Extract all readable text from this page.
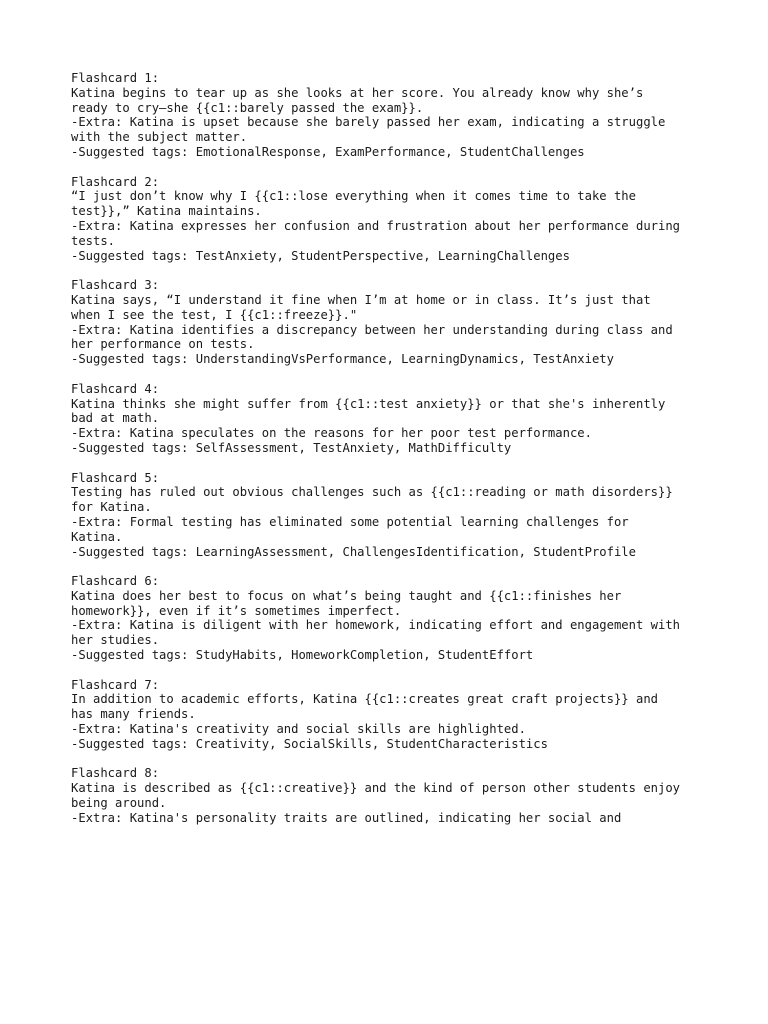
Flashcard 1:
Katina begins to tear up as she looks at her score. You already know why she’s
ready to cry—she {{c1::barely passed the exam}}.
-Extra: Katina is upset because she barely passed her exam, indicating a struggle
with the subject matter.
-Suggested tags: EmotionalResponse, ExamPerformance, StudentChallenges
Flashcard 2:
“I just don’t know why I {{c1::lose everything when it comes time to take the
test}},” Katina maintains.
-Extra: Katina expresses her confusion and frustration about her performance during
tests.
-Suggested tags: TestAnxiety, StudentPerspective, LearningChallenges
Flashcard 3:
Katina says, “I understand it fine when I’m at home or in class. It’s just that
when I see the test, I {{c1::freeze}}."
-Extra: Katina identifies a discrepancy between her understanding during class and
her performance on tests.
-Suggested tags: UnderstandingVsPerformance, LearningDynamics, TestAnxiety
Flashcard 4:
Katina thinks she might suffer from {{c1::test anxiety}} or that she's inherently
bad at math.
-Extra: Katina speculates on the reasons for her poor test performance.
-Suggested tags: SelfAssessment, TestAnxiety, MathDifficulty
Flashcard 5:
Testing has ruled out obvious challenges such as {{c1::reading or math disorders}}
for Katina.
-Extra: Formal testing has eliminated some potential learning challenges for
Katina.
-Suggested tags: LearningAssessment, ChallengesIdentification, StudentProfile
Flashcard 6:
Katina does her best to focus on what’s being taught and {{c1::finishes her
homework}}, even if it’s sometimes imperfect.
-Extra: Katina is diligent with her homework, indicating effort and engagement with
her studies.
-Suggested tags: StudyHabits, HomeworkCompletion, StudentEffort
Flashcard 7:
In addition to academic efforts, Katina {{c1::creates great craft projects}} and
has many friends.
-Extra: Katina's creativity and social skills are highlighted.
-Suggested tags: Creativity, SocialSkills, StudentCharacteristics
Flashcard 8:
Katina is described as {{c1::creative}} and the kind of person other students enjoy
being around.
-Extra: Katina's personality traits are outlined, indicating her social and
